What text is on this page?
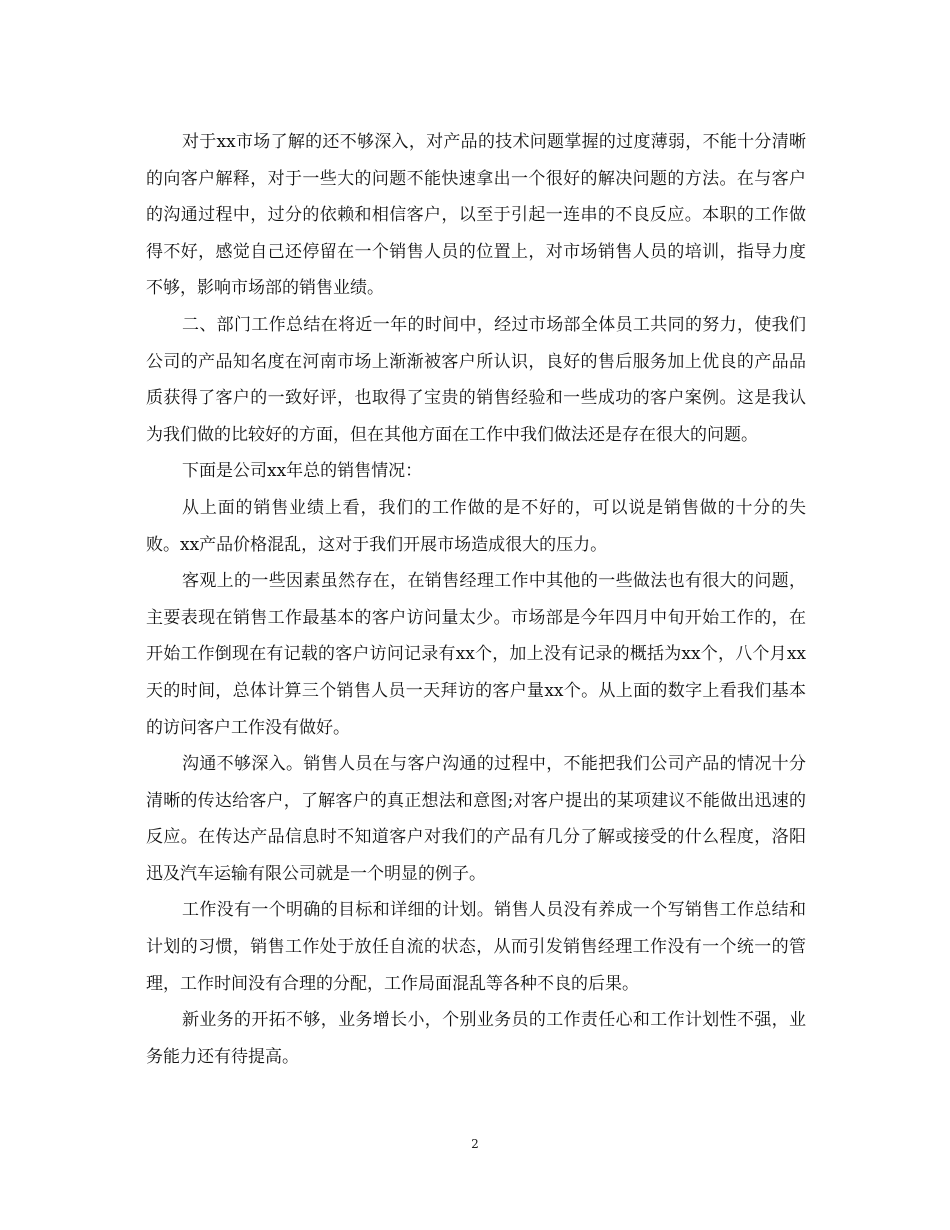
对于xx市场了解的还不够深入，对产品的技术问题掌握的过度薄弱，不能十分清晰的向客户解释，对于一些大的问题不能快速拿出一个很好的解决问题的方法。在与客户的沟通过程中，过分的依赖和相信客户，以至于引起一连串的不良反应。本职的工作做得不好，感觉自己还停留在一个销售人员的位置上，对市场销售人员的培训，指导力度不够，影响市场部的销售业绩。

二、部门工作总结在将近一年的时间中，经过市场部全体员工共同的努力，使我们公司的产品知名度在河南市场上渐渐被客户所认识，良好的售后服务加上优良的产品品质获得了客户的一致好评，也取得了宝贵的销售经验和一些成功的客户案例。这是我认为我们做的比较好的方面，但在其他方面在工作中我们做法还是存在很大的问题。

下面是公司xx年总的销售情况：

从上面的销售业绩上看，我们的工作做的是不好的，可以说是销售做的十分的失败。xx产品价格混乱，这对于我们开展市场造成很大的压力。

客观上的一些因素虽然存在，在销售经理工作中其他的一些做法也有很大的问题，主要表现在销售工作最基本的客户访问量太少。市场部是今年四月中旬开始工作的，在开始工作倒现在有记载的客户访问记录有xx个，加上没有记录的概括为xx个，八个月xx天的时间，总体计算三个销售人员一天拜访的客户量xx个。从上面的数字上看我们基本的访问客户工作没有做好。

沟通不够深入。销售人员在与客户沟通的过程中，不能把我们公司产品的情况十分清晰的传达给客户，了解客户的真正想法和意图;对客户提出的某项建议不能做出迅速的反应。在传达产品信息时不知道客户对我们的产品有几分了解或接受的什么程度，洛阳迅及汽车运输有限公司就是一个明显的例子。

工作没有一个明确的目标和详细的计划。销售人员没有养成一个写销售工作总结和计划的习惯，销售工作处于放任自流的状态，从而引发销售经理工作没有一个统一的管理，工作时间没有合理的分配，工作局面混乱等各种不良的后果。

新业务的开拓不够，业务增长小，个别业务员的工作责任心和工作计划性不强，业务能力还有待提高。

2
